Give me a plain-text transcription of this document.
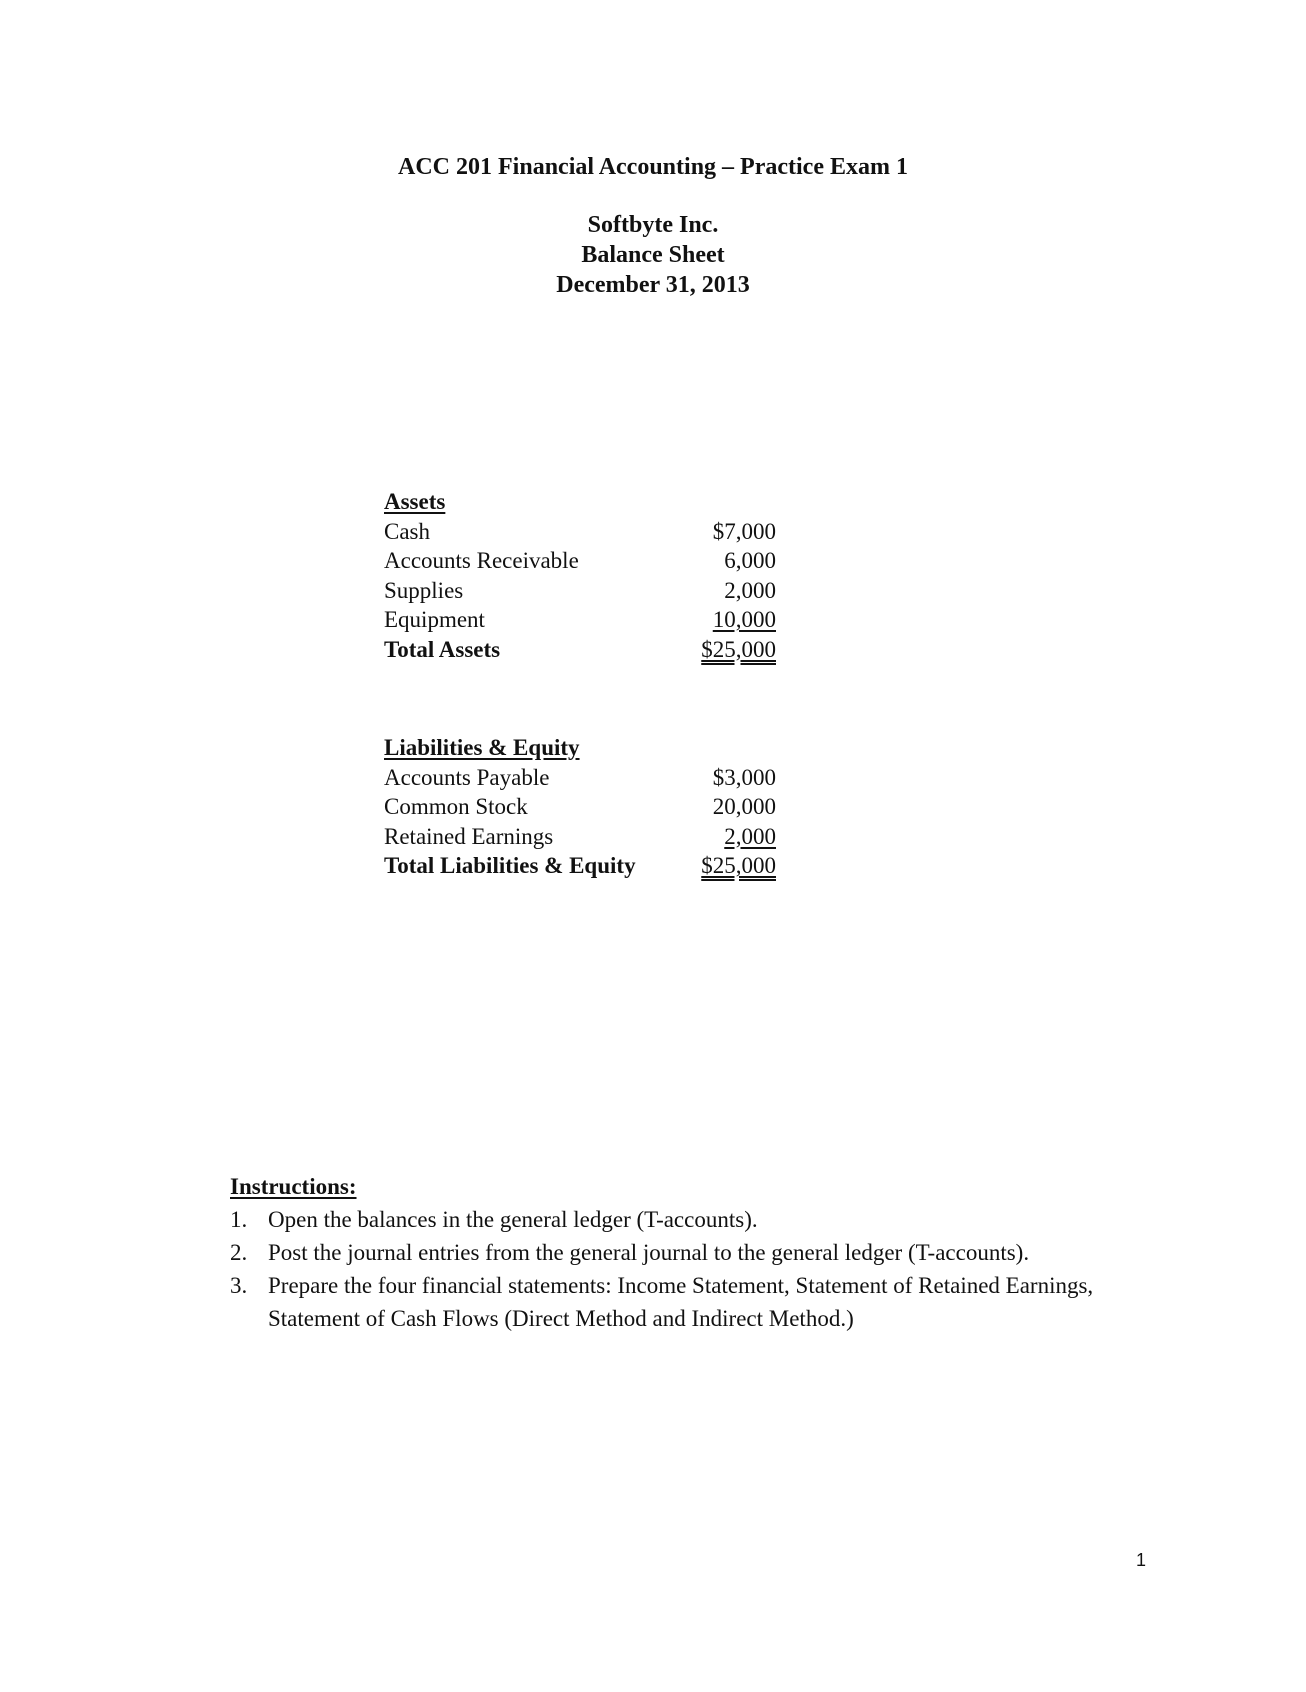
ACC 201 Financial Accounting – Practice Exam 1
Softbyte Inc.
Balance Sheet
December 31, 2013
Assets
Cash	$7,000
Accounts Receivable	6,000
Supplies	2,000
Equipment	10,000
Total Assets	$25,000
Liabilities & Equity
Accounts Payable	$3,000
Common Stock	20,000
Retained Earnings	2,000
Total Liabilities & Equity	$25,000
Instructions:
1. Open the balances in the general ledger (T-accounts).
2. Post the journal entries from the general journal to the general ledger (T-accounts).
3. Prepare the four financial statements: Income Statement, Statement of Retained Earnings, Statement of Cash Flows (Direct Method and Indirect Method.)
1
